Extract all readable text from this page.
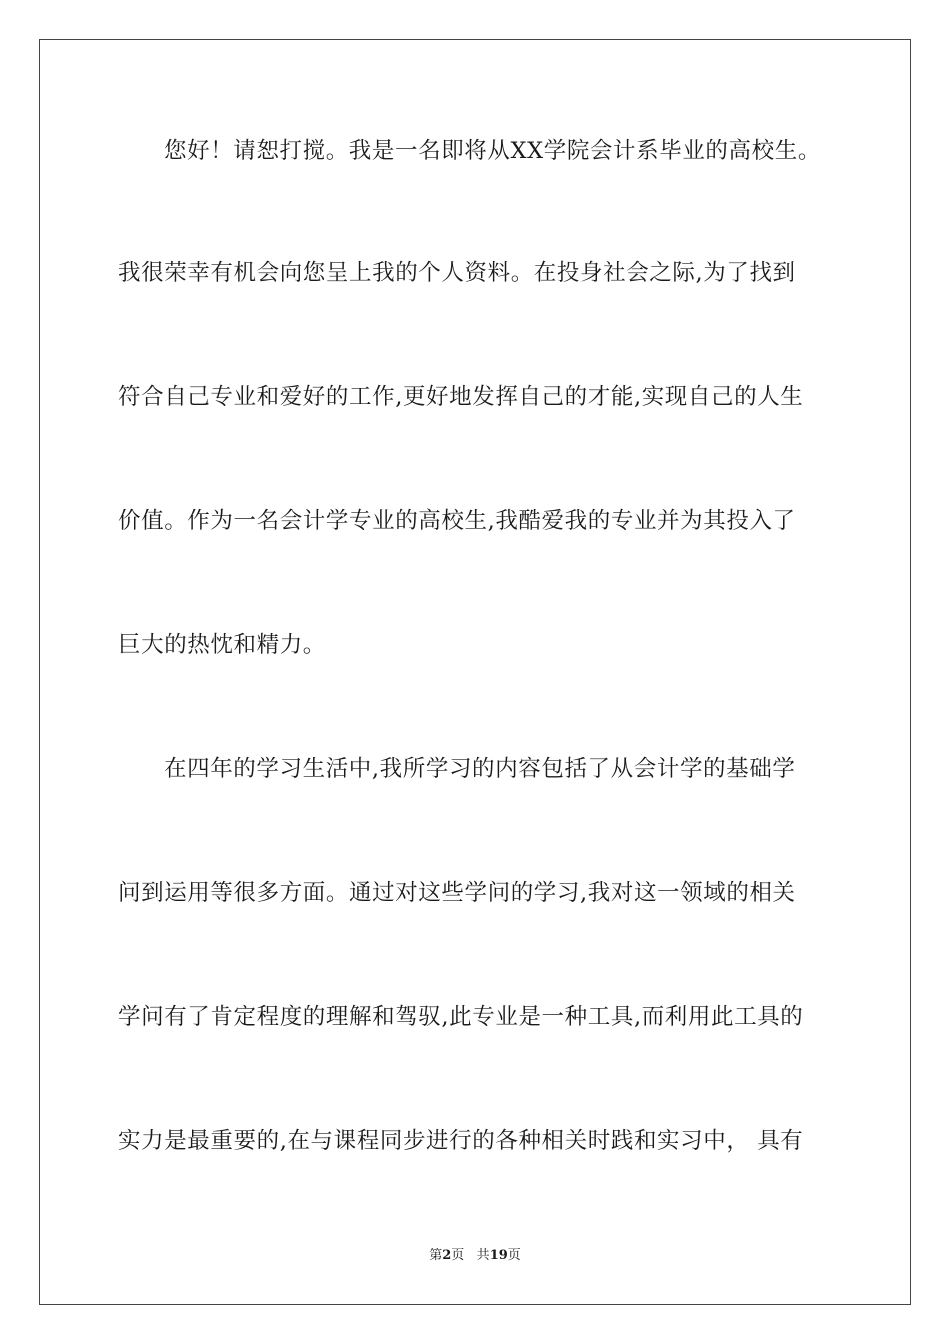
您好！请恕打搅。我是一名即将从XX学院会计系毕业的高校生。
我很荣幸有机会向您呈上我的个人资料。在投身社会之际,为了找到
符合自己专业和爱好的工作,更好地发挥自己的才能,实现自己的人生
价值。作为一名会计学专业的高校生,我酷爱我的专业并为其投入了
巨大的热忱和精力。
在四年的学习生活中,我所学习的内容包括了从会计学的基础学
问到运用等很多方面。通过对这些学问的学习,我对这一领域的相关
学问有了肯定程度的理解和驾驭,此专业是一种工具,而利用此工具的
实力是最重要的,在与课程同步进行的各种相关时践和实习中， 具有
第2页 共19页
